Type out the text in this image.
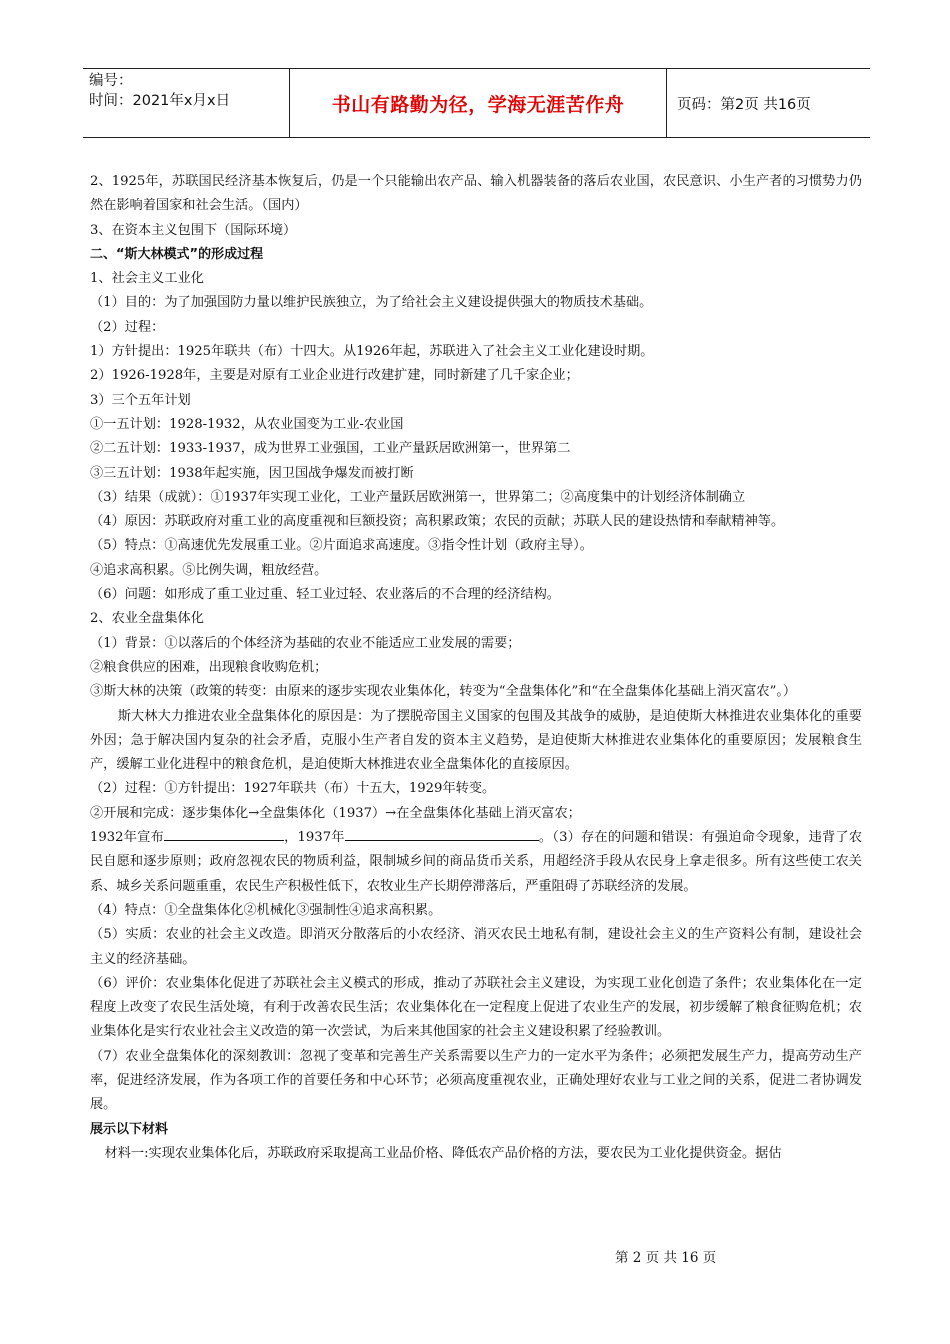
编号：
时间：2021年x月x日	书山有路勤为径，学海无涯苦作舟	页码：第2页 共16页

2、1925年，苏联国民经济基本恢复后，仍是一个只能输出农产品、输入机器装备的落后农业国，农民意识、小生产者的习惯势力仍然在影响着国家和社会生活。（国内）

3、在资本主义包围下（国际环境）

二、“斯大林模式”的形成过程

1、社会主义工业化

（1）目的：为了加强国防力量以维护民族独立，为了给社会主义建设提供强大的物质技术基础。

（2）过程：

1）方针提出：1925年联共（布）十四大。从1926年起，苏联进入了社会主义工业化建设时期。

2）1926-1928年，主要是对原有工业企业进行改建扩建，同时新建了几千家企业；

3）三个五年计划

①一五计划：1928-1932，从农业国变为工业-农业国

②二五计划：1933-1937，成为世界工业强国，工业产量跃居欧洲第一，世界第二

③三五计划：1938年起实施，因卫国战争爆发而被打断

（3）结果（成就）：①1937年实现工业化，工业产量跃居欧洲第一，世界第二；②高度集中的计划经济体制确立

（4）原因：苏联政府对重工业的高度重视和巨额投资；高积累政策；农民的贡献；苏联人民的建设热情和奉献精神等。

（5）特点：①高速优先发展重工业。②片面追求高速度。③指令性计划（政府主导）。

④追求高积累。⑤比例失调，粗放经营。

（6）问题：如形成了重工业过重、轻工业过轻、农业落后的不合理的经济结构。

2、农业全盘集体化

（1）背景：①以落后的个体经济为基础的农业不能适应工业发展的需要；

②粮食供应的困难，出现粮食收购危机；

③斯大林的决策（政策的转变：由原来的逐步实现农业集体化，转变为“全盘集体化”和“在全盘集体化基础上消灭富农”。）

斯大林大力推进农业全盘集体化的原因是：为了摆脱帝国主义国家的包围及其战争的威胁，是迫使斯大林推进农业集体化的重要外因；急于解决国内复杂的社会矛盾，克服小生产者自发的资本主义趋势，是迫使斯大林推进农业集体化的重要原因；发展粮食生产，缓解工业化进程中的粮食危机，是迫使斯大林推进农业全盘集体化的直接原因。

（2）过程：①方针提出：1927年联共（布）十五大，1929年转变。

②开展和完成：逐步集体化→全盘集体化（1937）→在全盘集体化基础上消灭富农；

1932年宣布	，1937年	。（3）存在的问题和错误：有强迫命令现象，违背了农民自愿和逐步原则；政府忽视农民的物质利益，限制城乡间的商品货币关系，用超经济手段从农民身上拿走很多。所有这些使工农关系、城乡关系问题重重，农民生产积极性低下，农牧业生产长期停滞落后，严重阻碍了苏联经济的发展。

（4）特点：①全盘集体化②机械化③强制性④追求高积累。

（5）实质：农业的社会主义改造。即消灭分散落后的小农经济、消灭农民土地私有制，建设社会主义的生产资料公有制，建设社会主义的经济基础。

（6）评价：农业集体化促进了苏联社会主义模式的形成，推动了苏联社会主义建设，为实现工业化创造了条件；农业集体化在一定程度上改变了农民生活处境，有利于改善农民生活；农业集体化在一定程度上促进了农业生产的发展，初步缓解了粮食征购危机；农业集体化是实行农业社会主义改造的第一次尝试，为后来其他国家的社会主义建设积累了经验教训。

（7）农业全盘集体化的深刻教训：忽视了变革和完善生产关系需要以生产力的一定水平为条件；必须把发展生产力，提高劳动生产率，促进经济发展，作为各项工作的首要任务和中心环节；必须高度重视农业，正确处理好农业与工业之间的关系，促进二者协调发展。

展示以下材料

材料一:实现农业集体化后，苏联政府采取提高工业品价格、降低农产品价格的方法，要农民为工业化提供资金。据估

第 2 页 共 16 页
